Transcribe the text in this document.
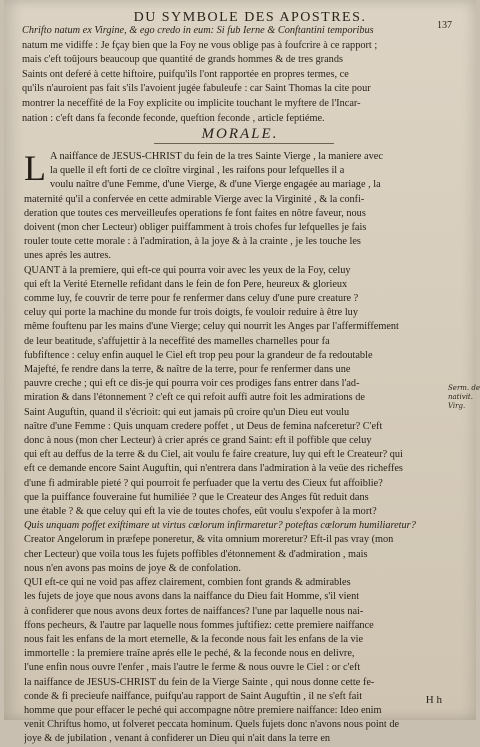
DU SYMBOLE DES APOSTRES.
137
Chrifto natum ex Virgine, & ego credo in eum: Si fub Ierne & Conftantini temporibus
natum me vidiffe : Je fçay bien que la Foy ne vous oblige pas à foufcrire à ce rapport ;
mais c'eft toûjours beaucoup que quantité de grands hommes & de tres grands
Saints ont deferé à cette hiftoire, puifqu'ils l'ont rapportée en propres termes, ce
qu'ils n'auroient pas fait s'ils l'avoient jugée fabuleufe : car Saint Thomas la cite pour
montrer la neceffité de la Foy explicite ou implicite touchant le myftere de l'Incar-
nation : c'eft dans fa feconde feconde, queftion feconde , article feptiéme.
MORALE.
L A naiffance de JESUS-CHRIST du fein de la tres Sainte Vierge , la maniere avec
la quelle il eft forti de ce cloître virginal , les raifons pour lefquelles il a
voulu naître d'une Femme, d'une Vierge, & d'une Vierge engagée au mariage , la
maternité qu'il a confervée en cette admirable Vierge avec la Virginité , & la confi-
deration que toutes ces merveilleufes operations fe font faites en nôtre faveur, nous
doivent (mon cher Lecteur) obliger puiffamment à trois chofes fur lefquelles je fais
rouler toute cette morale : à l'admiration, à la joye & à la crainte , je les touche les
unes aprés les autres.
QUANT à la premiere, qui eft-ce qui pourra voir avec les yeux de la Foy, celuy
qui eft la Verité Eternelle refidant dans le fein de fon Pere, heureux & glorieux
comme luy, fe couvrir de terre pour fe renfermer dans celuy d'une pure creature ?
celuy qui porte la machine du monde fur trois doigts, fe vouloir reduire à être luy
même fouftenu par les mains d'une Vierge; celuy qui nourrit les Anges par l'affermiffement
de leur beatitude, s'affujettir à la neceffité des mamelles charnelles pour fa
fubfiftence : celuy enfin auquel le Ciel eft trop peu pour la grandeur de fa redoutable
Majefté, fe rendre dans la terre, & naître de la terre, pour fe renfermer dans une
pauvre creche ; qui eft ce dis-je qui pourra voir ces prodiges fans entrer dans l'ad-
miration & dans l'étonnement ? c'eft ce qui refoit auffi autre foit les admirations de
Saint Auguftin, quand il s'écrioit: qui eut jamais pû croire qu'un Dieu eut voulu
naître d'une Femme : Quis unquam credere poffet , ut Deus de femina nafceretur? C'eft
donc à nous (mon cher Lecteur) à crier aprés ce grand Saint: eft il poffible que celuy
qui eft au deffus de la terre & du Ciel, ait voulu fe faire creature, luy qui eft le Createur? qui
eft ce demande encore Saint Auguftin, qui n'entrera dans l'admiration à la veüe des richeffes
d'une fi admirable pieté ? qui pourroit fe perfuader que la vertu des Cieux fut affoiblie?
que la puiffance fouveraine fut humiliée ? que le Createur des Anges fût reduit dans
une étable ? & que celuy qui eft la vie de toutes chofes, eût voulu s'expofer à la mort?
Quis unquam poffet exiftimare ut virtus cœlorum infirmaretur? poteftas cœlorum humiliaretur?
Creator Angelorum in præfepe poneretur, & vita omnium moreretur? Eft-il pas vray (mon
cher Lecteur) que voila tous les fujets poffibles d'étonnement & d'admiration , mais
nous n'en avons pas moins de joye & de confolation.
QUI eft-ce qui ne void pas affez clairement, combien font grands & admirables
les fujets de joye que nous avons dans la naiffance du Dieu fait Homme, s'il vient
à confiderer que nous avons deux fortes de naiffances? l'une par laquelle nous nai-
ffons pecheurs, & l'autre par laquelle nous fommes juftifiez: cette premiere naiffance
nous fait les enfans de la mort eternelle, & la feconde nous fait les enfans de la vie
immortelle : la premiere traîne aprés elle le peché, & la feconde nous en delivre,
l'une enfin nous ouvre l'enfer , mais l'autre le ferme & nous ouvre le Ciel : or c'eft
la naiffance de JESUS-CHRIST du fein de la Vierge Sainte , qui nous donne cette fe-
conde & fi precieufe naiffance, puifqu'au rapport de Saint Auguftin , il ne s'eft fait
homme que pour effacer le peché qui accompagne nôtre premiere naiffance: Ideo enim
venit Chriftus homo, ut folveret peccata hominum. Quels fujets donc n'avons nous point de
joye & de jubilation , venant à confiderer un Dieu qui n'ait dans la terre en
Serm. de nativit. Virg.
H h
